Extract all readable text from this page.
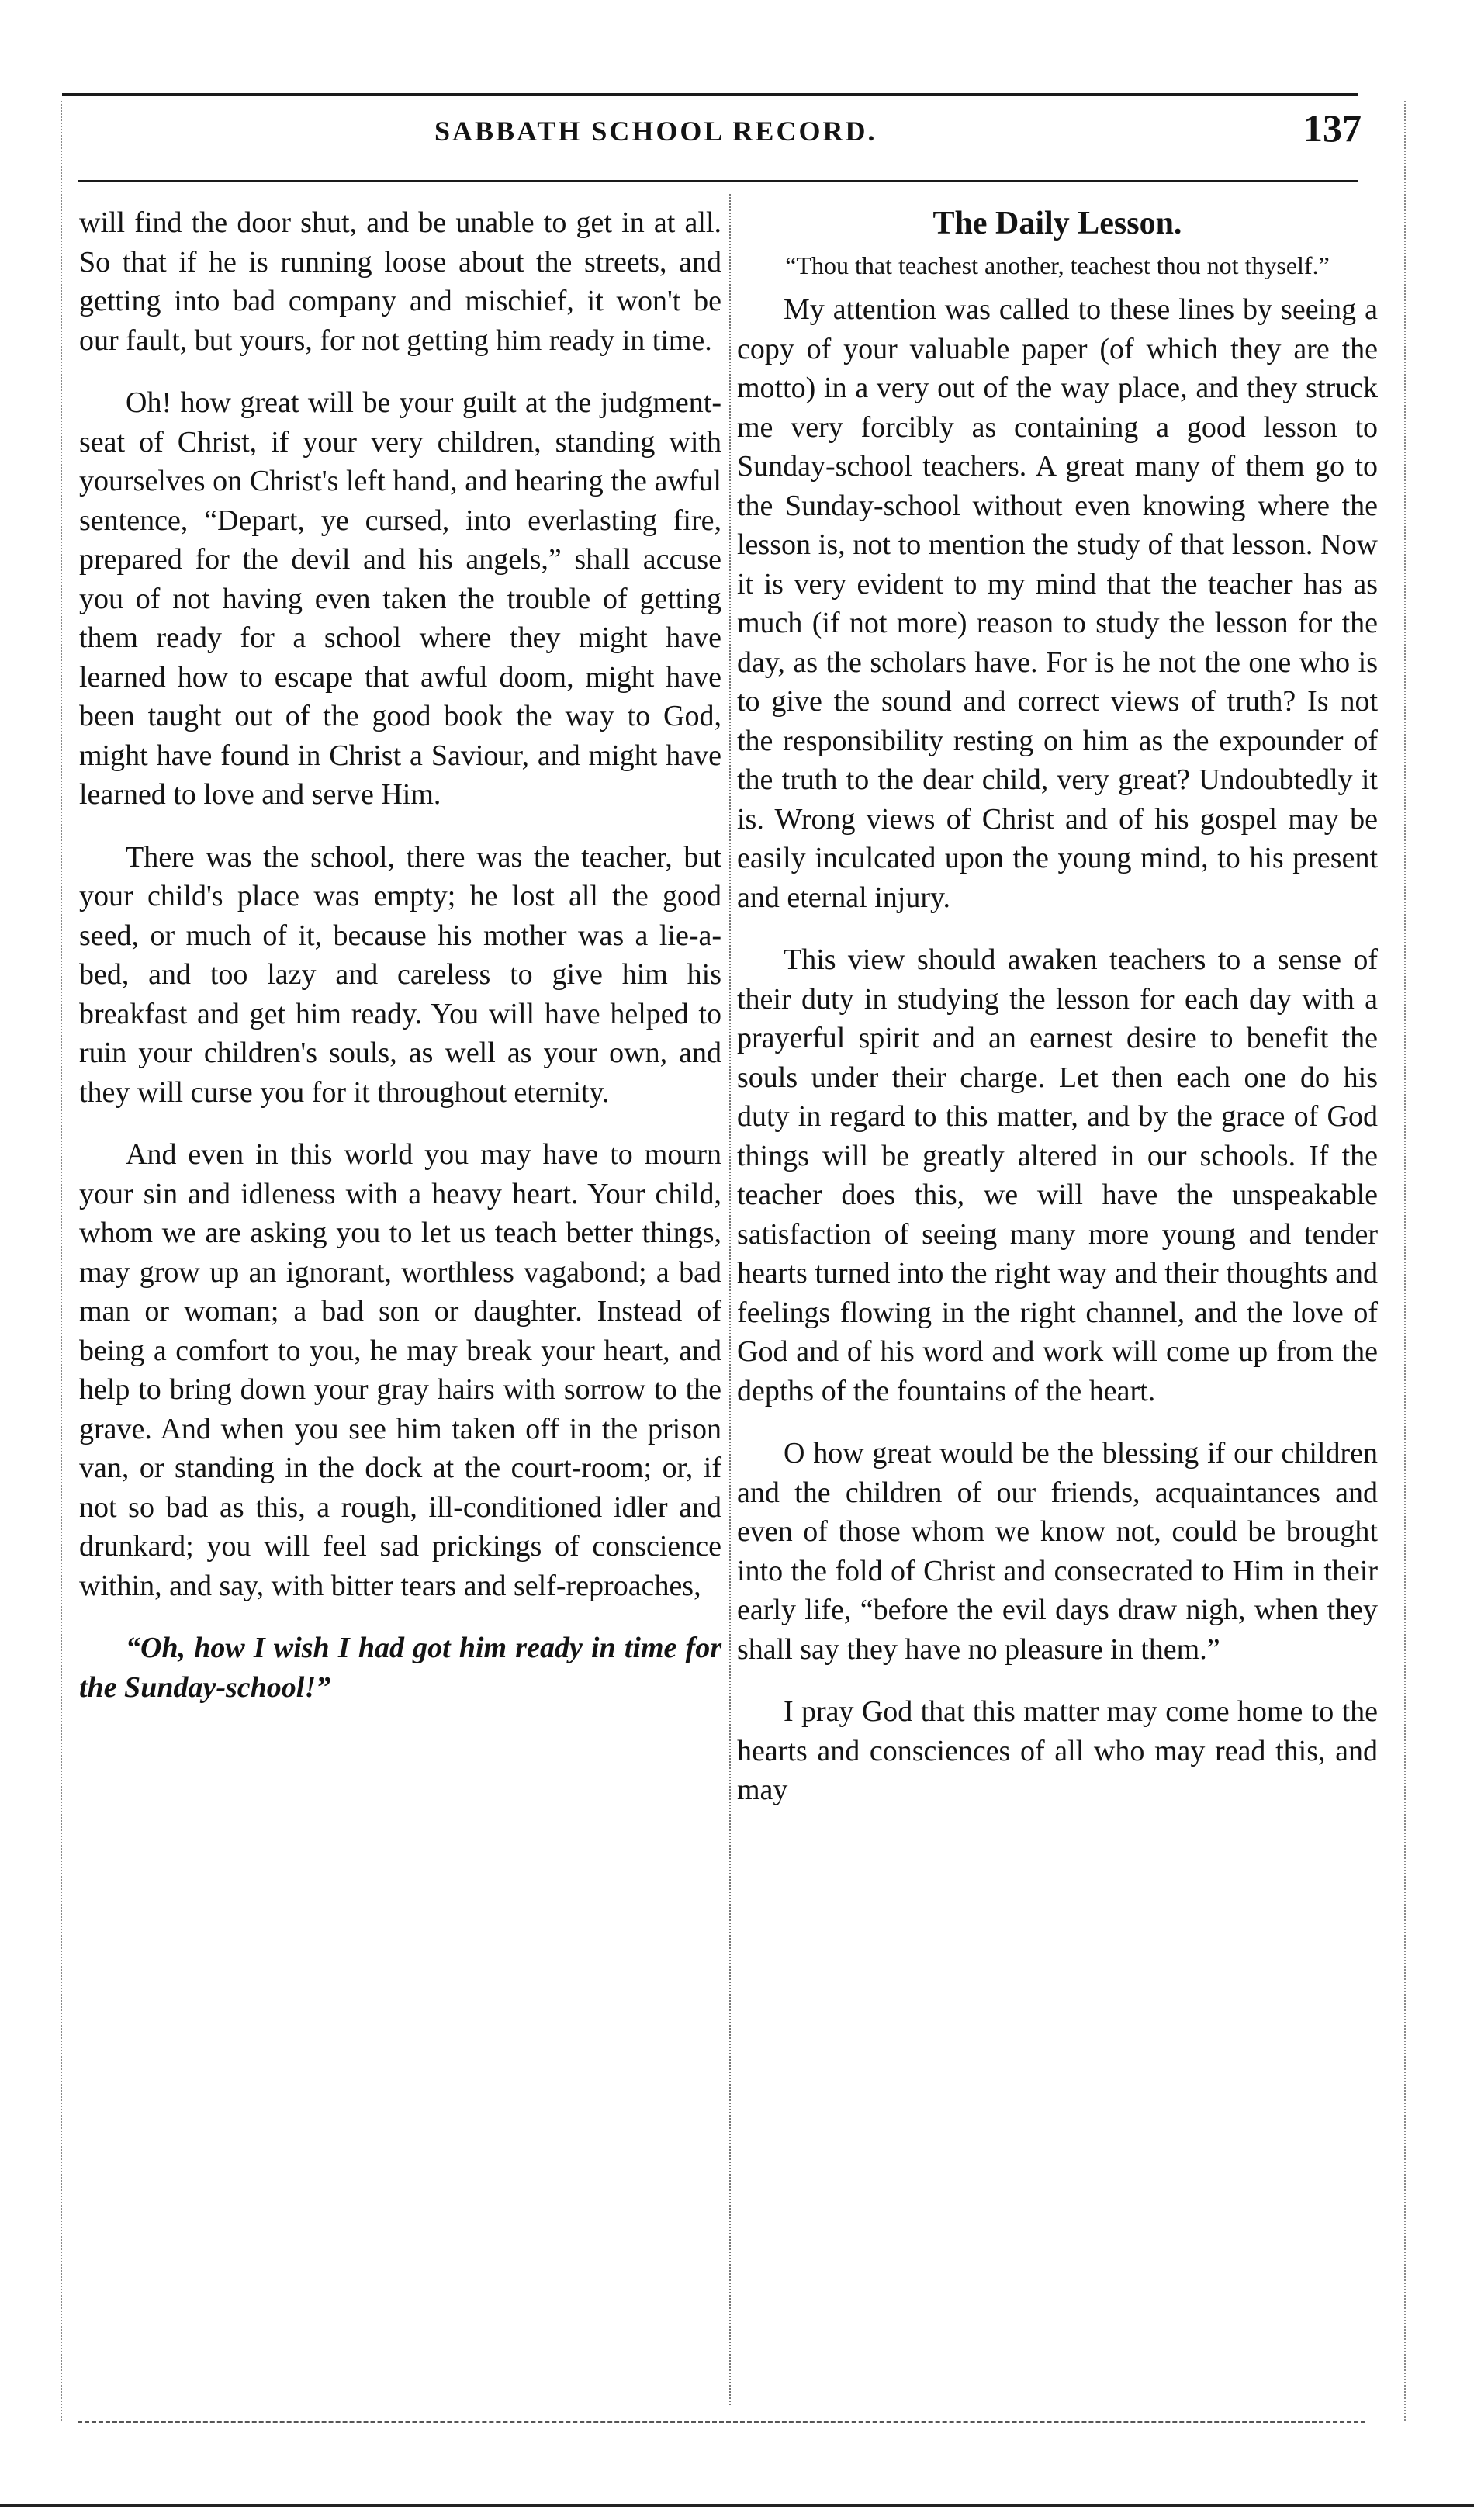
SABBATH SCHOOL RECORD.	137

will find the door shut, and be unable to get in at all. So that if he is running loose about the streets, and getting into bad company and mischief, it won't be our fault, but yours, for not getting him ready in time.

Oh! how great will be your guilt at the judgment-seat of Christ, if your very children, standing with yourselves on Christ's left hand, and hearing the awful sentence, “Depart, ye cursed, into everlasting fire, prepared for the devil and his angels,” shall accuse you of not having even taken the trouble of getting them ready for a school where they might have learned how to escape that awful doom, might have been taught out of the good book the way to God, might have found in Christ a Saviour, and might have learned to love and serve Him.

There was the school, there was the teacher, but your child's place was empty; he lost all the good seed, or much of it, because his mother was a lie-a-bed, and too lazy and careless to give him his breakfast and get him ready. You will have helped to ruin your children's souls, as well as your own, and they will curse you for it throughout eternity.

And even in this world you may have to mourn your sin and idleness with a heavy heart. Your child, whom we are asking you to let us teach better things, may grow up an ignorant, worthless vagabond; a bad man or woman; a bad son or daughter. Instead of being a comfort to you, he may break your heart, and help to bring down your gray hairs with sorrow to the grave. And when you see him taken off in the prison van, or standing in the dock at the court-room; or, if not so bad as this, a rough, ill-conditioned idler and drunkard; you will feel sad prickings of conscience within, and say, with bitter tears and self-reproaches,

“Oh, how I wish I had got him ready in time for the Sunday-school!”

The Daily Lesson.
“Thou that teachest another, teachest thou not thyself.”

My attention was called to these lines by seeing a copy of your valuable paper (of which they are the motto) in a very out of the way place, and they struck me very forcibly as containing a good lesson to Sunday-school teachers. A great many of them go to the Sunday-school without even knowing where the lesson is, not to mention the study of that lesson. Now it is very evident to my mind that the teacher has as much (if not more) reason to study the lesson for the day, as the scholars have. For is he not the one who is to give the sound and correct views of truth? Is not the responsibility resting on him as the expounder of the truth to the dear child, very great? Undoubtedly it is. Wrong views of Christ and of his gospel may be easily inculcated upon the young mind, to his present and eternal injury.

This view should awaken teachers to a sense of their duty in studying the lesson for each day with a prayerful spirit and an earnest desire to benefit the souls under their charge. Let then each one do his duty in regard to this matter, and by the grace of God things will be greatly altered in our schools. If the teacher does this, we will have the unspeakable satisfaction of seeing many more young and tender hearts turned into the right way and their thoughts and feelings flowing in the right channel, and the love of God and of his word and work will come up from the depths of the fountains of the heart.

O how great would be the blessing if our children and the children of our friends, acquaintances and even of those whom we know not, could be brought into the fold of Christ and consecrated to Him in their early life, “before the evil days draw nigh, when they shall say they have no pleasure in them.”

I pray God that this matter may come home to the hearts and consciences of all who may read this, and may
